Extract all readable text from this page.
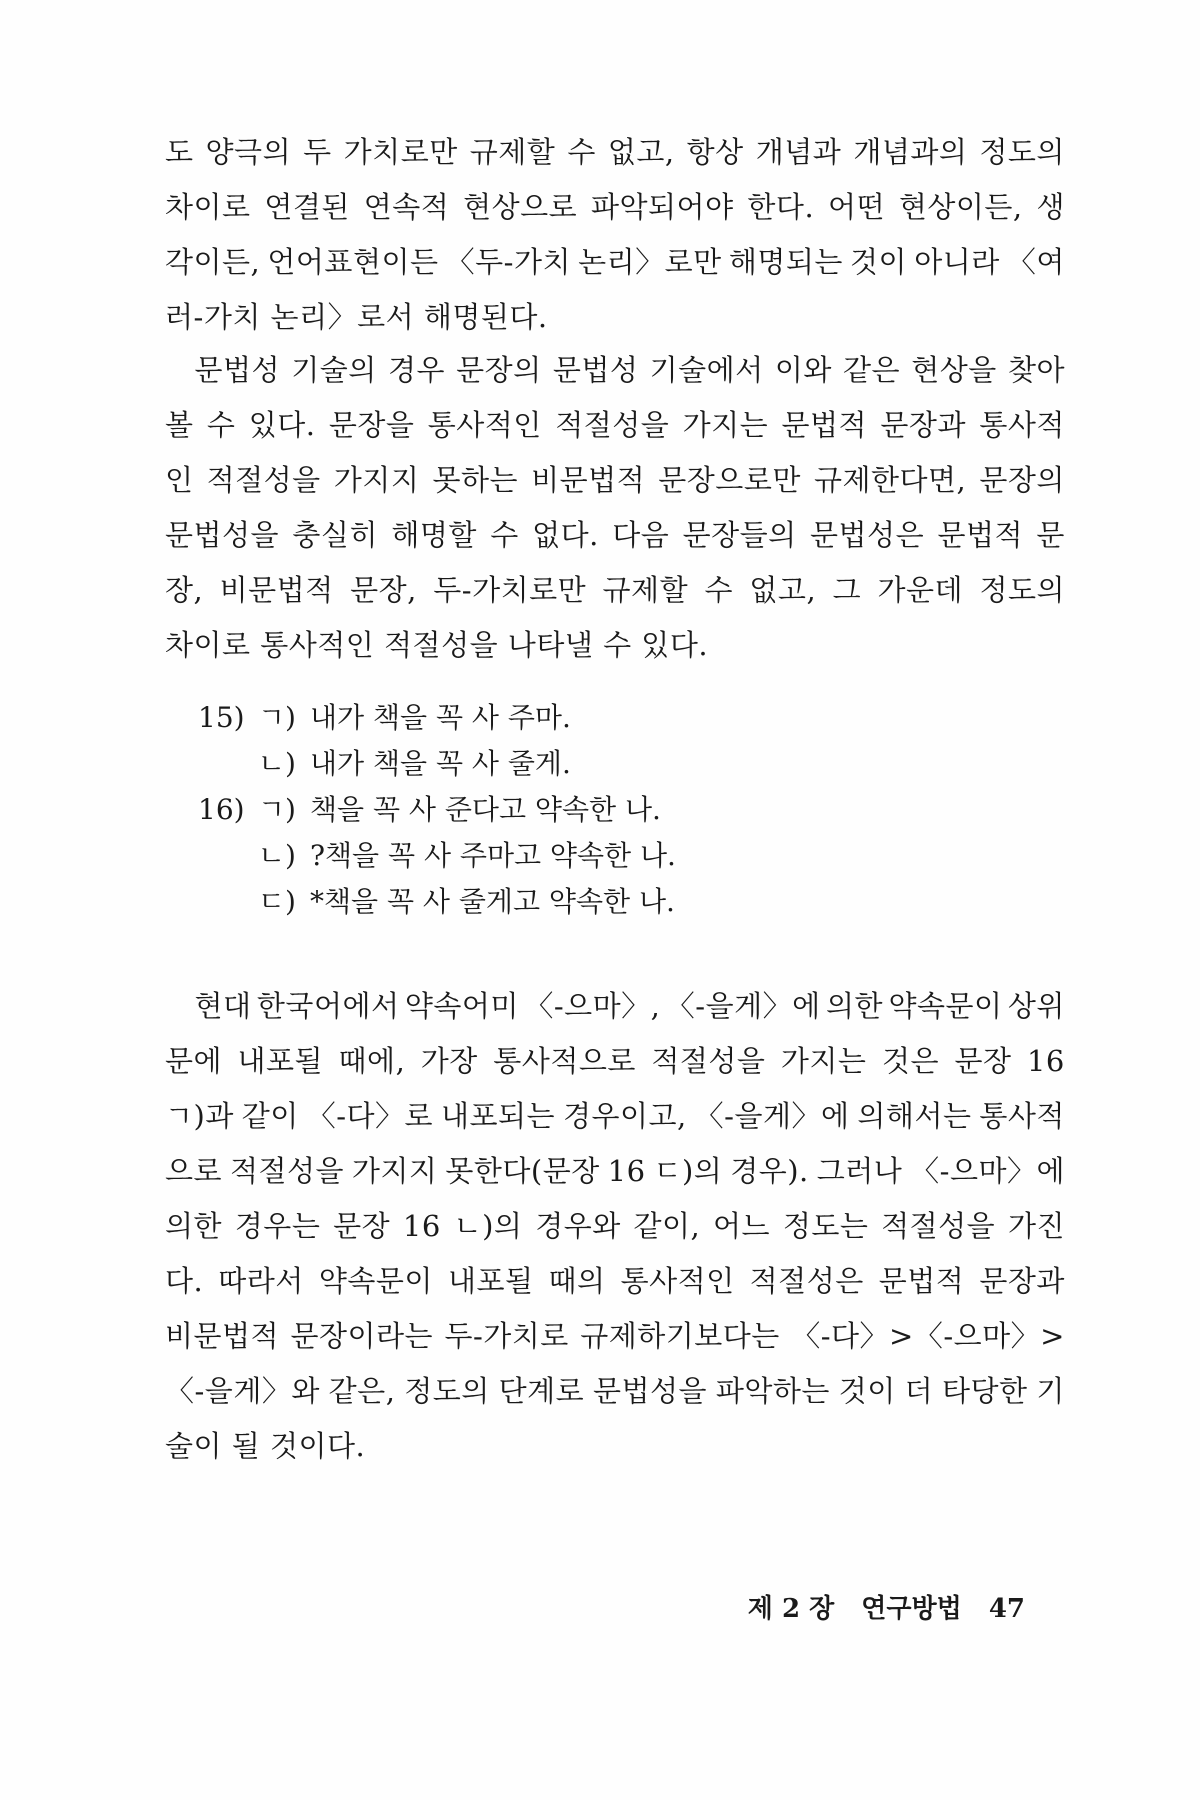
도 양극의 두 가치로만 규제할 수 없고, 항상 개념과 개념과의 정도의
차이로 연결된 연속적 현상으로 파악되어야 한다. 어떤 현상이든, 생
각이든, 언어표현이든 〈두-가치 논리〉로만 해명되는 것이 아니라 〈여
러-가치 논리〉로서 해명된다.
　문법성 기술의 경우 문장의 문법성 기술에서 이와 같은 현상을 찾아
볼 수 있다. 문장을 통사적인 적절성을 가지는 문법적 문장과 통사적
인 적절성을 가지지 못하는 비문법적 문장으로만 규제한다면, 문장의
문법성을 충실히 해명할 수 없다. 다음 문장들의 문법성은 문법적 문
장, 비문법적 문장, 두-가치로만 규제할 수 없고, 그 가운데 정도의
차이로 통사적인 적절성을 나타낼 수 있다.
15) ㄱ) 내가 책을 꼭 사 주마.
ㄴ) 내가 책을 꼭 사 줄게.
16) ㄱ) 책을 꼭 사 준다고 약속한 나.
ㄴ) ?책을 꼭 사 주마고 약속한 나.
ㄷ) *책을 꼭 사 줄게고 약속한 나.
　현대 한국어에서 약속어미 〈-으마〉, 〈-을게〉에 의한 약속문이 상위
문에 내포될 때에, 가장 통사적으로 적절성을 가지는 것은 문장 16
ㄱ)과 같이 〈-다〉로 내포되는 경우이고, 〈-을게〉에 의해서는 통사적
으로 적절성을 가지지 못한다(문장 16 ㄷ)의 경우). 그러나 〈-으마〉에
의한 경우는 문장 16 ㄴ)의 경우와 같이, 어느 정도는 적절성을 가진
다. 따라서 약속문이 내포될 때의 통사적인 적절성은 문법적 문장과
비문법적 문장이라는 두-가치로 규제하기보다는 〈-다〉>〈-으마〉>
〈-을게〉와 같은, 정도의 단계로 문법성을 파악하는 것이 더 타당한 기
술이 될 것이다.
제 2 장 연구방법 47
